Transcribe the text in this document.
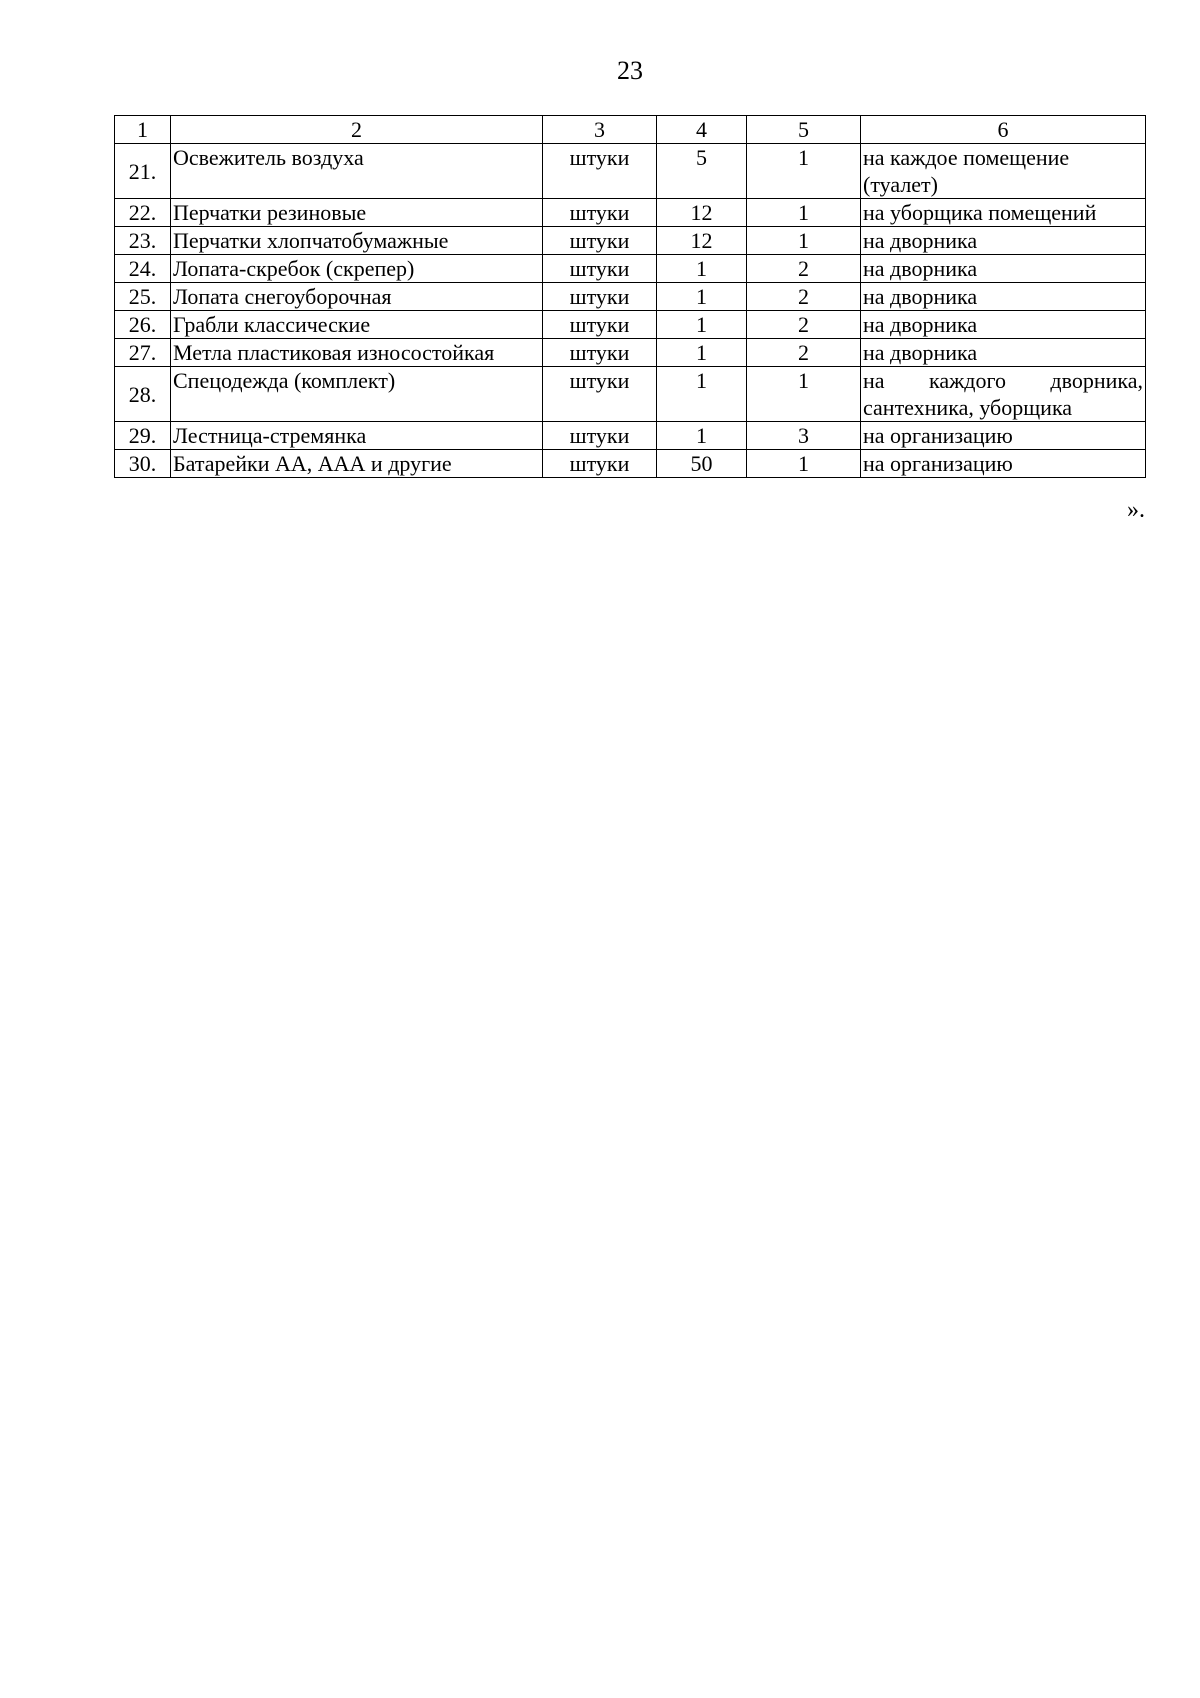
23
1	2	3	4	5	6
21.	Освежитель воздуха	штуки	5	1	на каждое помещение (туалет)
22.	Перчатки резиновые	штуки	12	1	на уборщика помещений
23.	Перчатки хлопчатобумажные	штуки	12	1	на дворника
24.	Лопата-скребок (скрепер)	штуки	1	2	на дворника
25.	Лопата снегоуборочная	штуки	1	2	на дворника
26.	Грабли классические	штуки	1	2	на дворника
27.	Метла пластиковая износостойкая	штуки	1	2	на дворника
28.	Спецодежда (комплект)	штуки	1	1	на каждого дворника, сантехника, уборщика
29.	Лестница-стремянка	штуки	1	3	на организацию
30.	Батарейки АА, ААА и другие	штуки	50	1	на организацию
».
